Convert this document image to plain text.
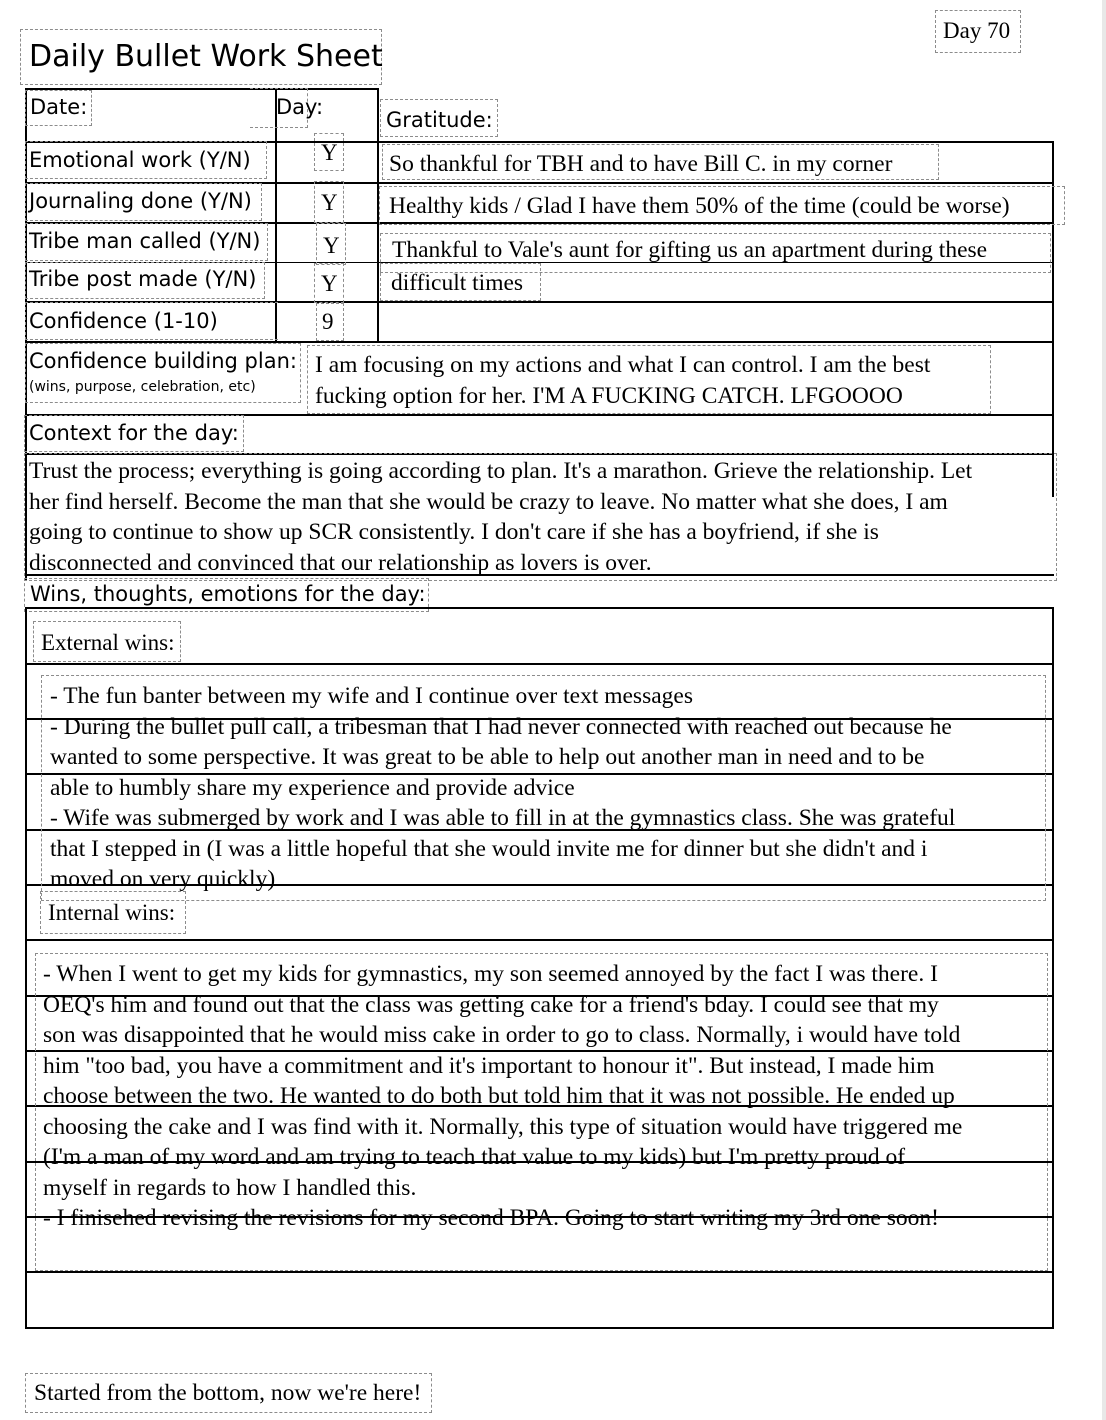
Daily Bullet Work Sheet
Day 70
Date:	Day:
Emotional work (Y/N)	Y
Journaling done (Y/N)	Y
Tribe man called (Y/N)	Y
Tribe post made (Y/N)	Y
Confidence (1-10)	9
Gratitude:
So thankful for TBH and to have Bill C. in my corner
Healthy kids / Glad I have them 50% of the time (could be worse)
Thankful to Vale's aunt for gifting us an apartment during these
difficult times
Confidence building plan:
(wins, purpose, celebration, etc)
I am focusing on my actions and what I can control. I am the best
fucking option for her. I'M A FUCKING CATCH. LFGOOOO
Context for the day:
Trust the process; everything is going according to plan. It's a marathon. Grieve the relationship. Let
her find herself. Become the man that she would be crazy to leave. No matter what she does, I am
going to continue to show up SCR consistently. I don't care if she has a boyfriend, if she is
disconnected and convinced that our relationship as lovers is over.
Wins, thoughts, emotions for the day:
External wins:
- The fun banter between my wife and I continue over text messages
- During the bullet pull call, a tribesman that I had never connected with reached out because he
wanted to some perspective. It was great to be able to help out another man in need and to be
able to humbly share my experience and provide advice
- Wife was submerged by work and I was able to fill in at the gymnastics class. She was grateful
that I stepped in (I was a little hopeful that she would invite me for dinner but she didn't and i
moved on very quickly)
Internal wins:
- When I went to get my kids for gymnastics, my son seemed annoyed by the fact I was there. I
OEQ's him and found out that the class was getting cake for a friend's bday. I could see that my
son was disappointed that he would miss cake in order to go to class. Normally, i would have told
him "too bad, you have a commitment and it's important to honour it". But instead, I made him
choose between the two. He wanted to do both but told him that it was not possible. He ended up
choosing the cake and I was find with it. Normally, this type of situation would have triggered me
(I'm a man of my word and am trying to teach that value to my kids) but I'm pretty proud of
myself in regards to how I handled this.
- I finisehed revising the revisions for my second BPA. Going to start writing my 3rd one soon!
Started from the bottom, now we're here!
